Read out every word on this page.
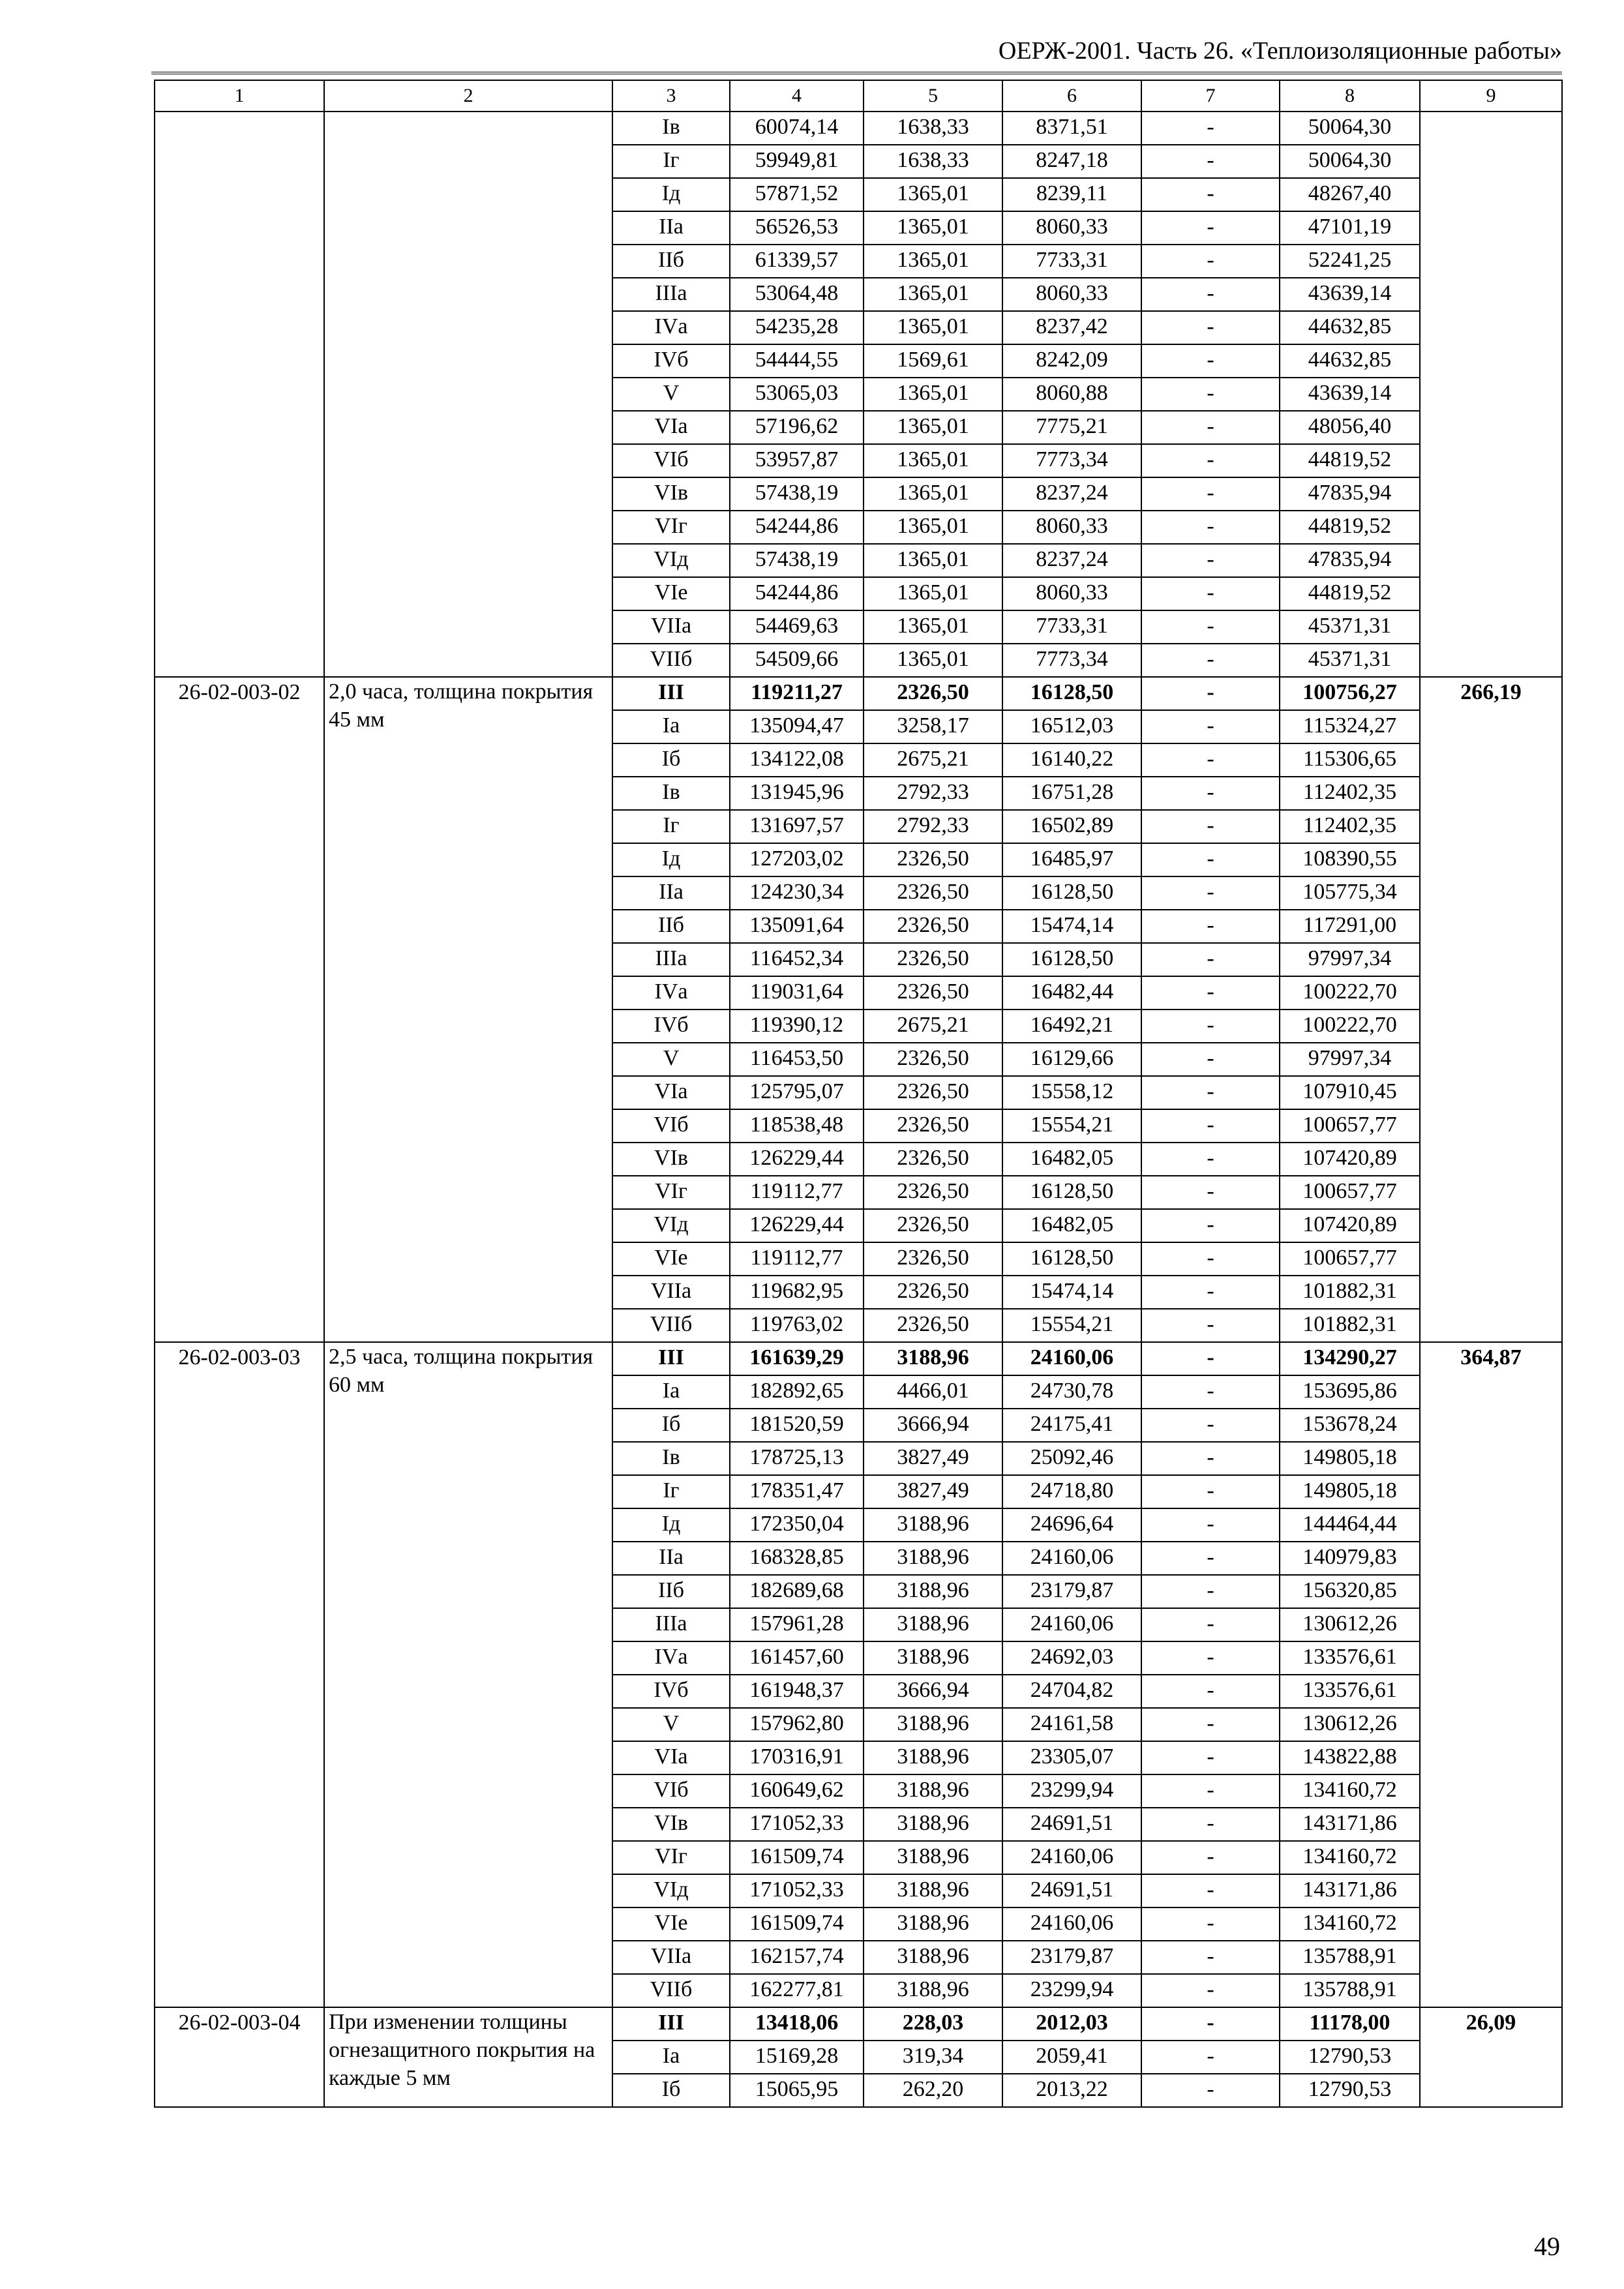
ОЕРЖ-2001. Часть 26. «Теплоизоляционные работы»
1	2	3	4	5	6	7	8	9
		Iв	60074,14	1638,33	8371,51	-	50064,30	
		Iг	59949,81	1638,33	8247,18	-	50064,30	
		Iд	57871,52	1365,01	8239,11	-	48267,40	
		IIа	56526,53	1365,01	8060,33	-	47101,19	
		IIб	61339,57	1365,01	7733,31	-	52241,25	
		IIIа	53064,48	1365,01	8060,33	-	43639,14	
		IVа	54235,28	1365,01	8237,42	-	44632,85	
		IVб	54444,55	1569,61	8242,09	-	44632,85	
		V	53065,03	1365,01	8060,88	-	43639,14	
		VIа	57196,62	1365,01	7775,21	-	48056,40	
		VIб	53957,87	1365,01	7773,34	-	44819,52	
		VIв	57438,19	1365,01	8237,24	-	47835,94	
		VIг	54244,86	1365,01	8060,33	-	44819,52	
		VIд	57438,19	1365,01	8237,24	-	47835,94	
		VIе	54244,86	1365,01	8060,33	-	44819,52	
		VIIа	54469,63	1365,01	7733,31	-	45371,31	
		VIIб	54509,66	1365,01	7773,34	-	45371,31	
26-02-003-02	2,0 часа, толщина покрытия 45 мм	III	119211,27	2326,50	16128,50	-	100756,27	266,19
		Iа	135094,47	3258,17	16512,03	-	115324,27	
		Iб	134122,08	2675,21	16140,22	-	115306,65	
		Iв	131945,96	2792,33	16751,28	-	112402,35	
		Iг	131697,57	2792,33	16502,89	-	112402,35	
		Iд	127203,02	2326,50	16485,97	-	108390,55	
		IIа	124230,34	2326,50	16128,50	-	105775,34	
		IIб	135091,64	2326,50	15474,14	-	117291,00	
		IIIа	116452,34	2326,50	16128,50	-	97997,34	
		IVа	119031,64	2326,50	16482,44	-	100222,70	
		IVб	119390,12	2675,21	16492,21	-	100222,70	
		V	116453,50	2326,50	16129,66	-	97997,34	
		VIа	125795,07	2326,50	15558,12	-	107910,45	
		VIб	118538,48	2326,50	15554,21	-	100657,77	
		VIв	126229,44	2326,50	16482,05	-	107420,89	
		VIг	119112,77	2326,50	16128,50	-	100657,77	
		VIд	126229,44	2326,50	16482,05	-	107420,89	
		VIе	119112,77	2326,50	16128,50	-	100657,77	
		VIIа	119682,95	2326,50	15474,14	-	101882,31	
		VIIб	119763,02	2326,50	15554,21	-	101882,31	
26-02-003-03	2,5 часа, толщина покрытия 60 мм	III	161639,29	3188,96	24160,06	-	134290,27	364,87
		Iа	182892,65	4466,01	24730,78	-	153695,86	
		Iб	181520,59	3666,94	24175,41	-	153678,24	
		Iв	178725,13	3827,49	25092,46	-	149805,18	
		Iг	178351,47	3827,49	24718,80	-	149805,18	
		Iд	172350,04	3188,96	24696,64	-	144464,44	
		IIа	168328,85	3188,96	24160,06	-	140979,83	
		IIб	182689,68	3188,96	23179,87	-	156320,85	
		IIIа	157961,28	3188,96	24160,06	-	130612,26	
		IVа	161457,60	3188,96	24692,03	-	133576,61	
		IVб	161948,37	3666,94	24704,82	-	133576,61	
		V	157962,80	3188,96	24161,58	-	130612,26	
		VIа	170316,91	3188,96	23305,07	-	143822,88	
		VIб	160649,62	3188,96	23299,94	-	134160,72	
		VIв	171052,33	3188,96	24691,51	-	143171,86	
		VIг	161509,74	3188,96	24160,06	-	134160,72	
		VIд	171052,33	3188,96	24691,51	-	143171,86	
		VIе	161509,74	3188,96	24160,06	-	134160,72	
		VIIа	162157,74	3188,96	23179,87	-	135788,91	
		VIIб	162277,81	3188,96	23299,94	-	135788,91	
26-02-003-04	При изменении толщины огнезащитного покрытия на каждые 5 мм	III	13418,06	228,03	2012,03	-	11178,00	26,09
		Iа	15169,28	319,34	2059,41	-	12790,53	
		Iб	15065,95	262,20	2013,22	-	12790,53	
49
